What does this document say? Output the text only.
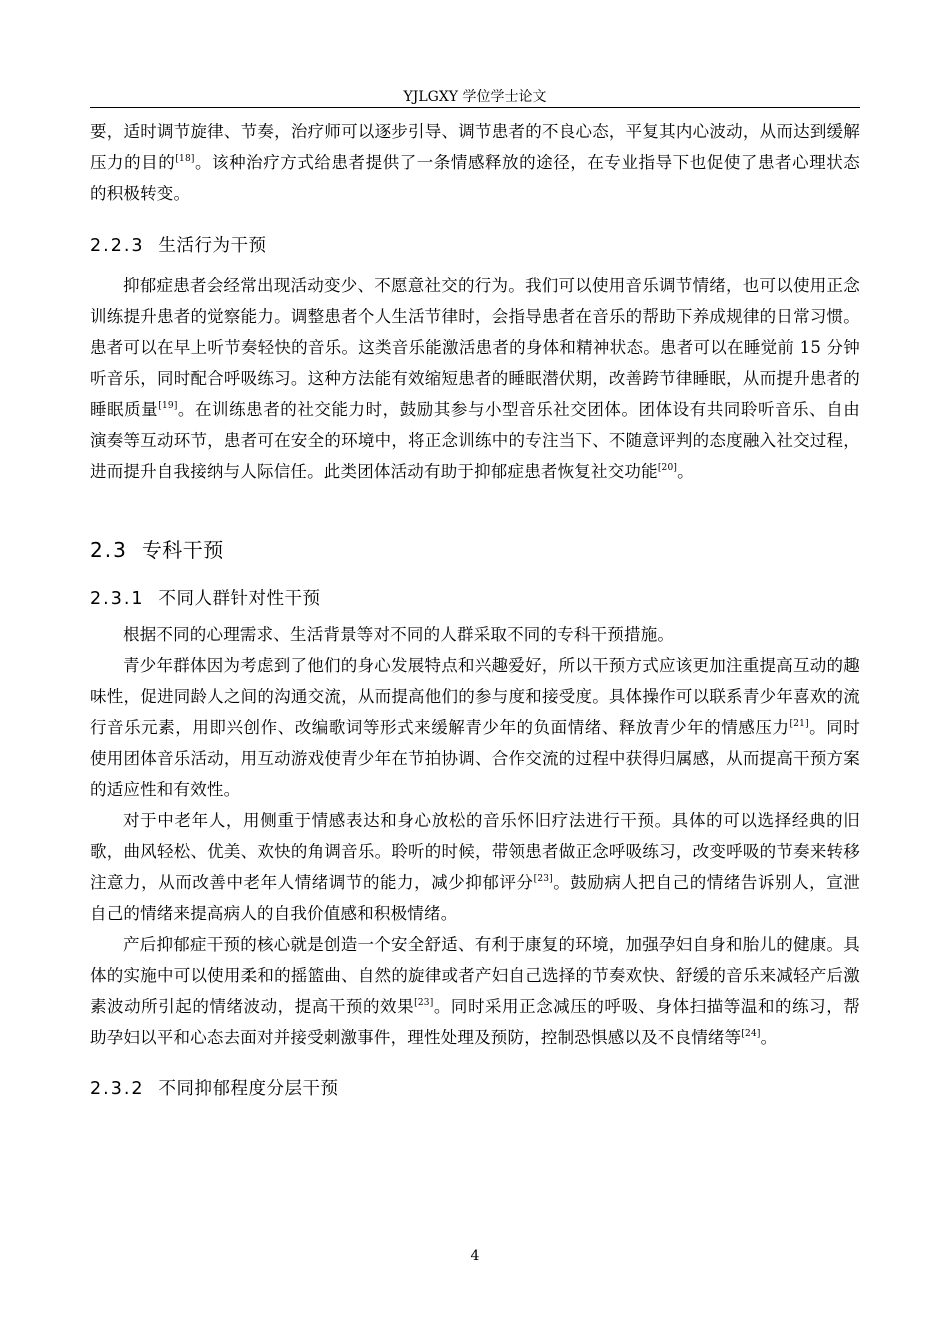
YJLGXY 学位学士论文

要，适时调节旋律、节奏，治疗师可以逐步引导、调节患者的不良心态，平复其内心波动，从而达到缓解压力的目的[18]。该种治疗方式给患者提供了一条情感释放的途径，在专业指导下也促使了患者心理状态的积极转变。

2.2.3 生活行为干预

抑郁症患者会经常出现活动变少、不愿意社交的行为。我们可以使用音乐调节情绪，也可以使用正念训练提升患者的觉察能力。调整患者个人生活节律时，会指导患者在音乐的帮助下养成规律的日常习惯。患者可以在早上听节奏轻快的音乐。这类音乐能激活患者的身体和精神状态。患者可以在睡觉前 15 分钟听音乐，同时配合呼吸练习。这种方法能有效缩短患者的睡眠潜伏期，改善跨节律睡眠，从而提升患者的睡眠质量[19]。在训练患者的社交能力时，鼓励其参与小型音乐社交团体。团体设有共同聆听音乐、自由演奏等互动环节，患者可在安全的环境中，将正念训练中的专注当下、不随意评判的态度融入社交过程，进而提升自我接纳与人际信任。此类团体活动有助于抑郁症患者恢复社交功能[20]。

2.3 专科干预
2.3.1 不同人群针对性干预

根据不同的心理需求、生活背景等对不同的人群采取不同的专科干预措施。

青少年群体因为考虑到了他们的身心发展特点和兴趣爱好，所以干预方式应该更加注重提高互动的趣味性，促进同龄人之间的沟通交流，从而提高他们的参与度和接受度。具体操作可以联系青少年喜欢的流行音乐元素，用即兴创作、改编歌词等形式来缓解青少年的负面情绪、释放青少年的情感压力[21]。同时使用团体音乐活动，用互动游戏使青少年在节拍协调、合作交流的过程中获得归属感，从而提高干预方案的适应性和有效性。

对于中老年人，用侧重于情感表达和身心放松的音乐怀旧疗法进行干预。具体的可以选择经典的旧歌，曲风轻松、优美、欢快的角调音乐。聆听的时候，带领患者做正念呼吸练习，改变呼吸的节奏来转移注意力，从而改善中老年人情绪调节的能力，减少抑郁评分[23]。鼓励病人把自己的情绪告诉别人，宣泄自己的情绪来提高病人的自我价值感和积极情绪。

产后抑郁症干预的核心就是创造一个安全舒适、有利于康复的环境，加强孕妇自身和胎儿的健康。具体的实施中可以使用柔和的摇篮曲、自然的旋律或者产妇自己选择的节奏欢快、舒缓的音乐来减轻产后激素波动所引起的情绪波动，提高干预的效果[23]。同时采用正念减压的呼吸、身体扫描等温和的练习，帮助孕妇以平和心态去面对并接受刺激事件，理性处理及预防，控制恐惧感以及不良情绪等[24]。

2.3.2 不同抑郁程度分层干预
4
